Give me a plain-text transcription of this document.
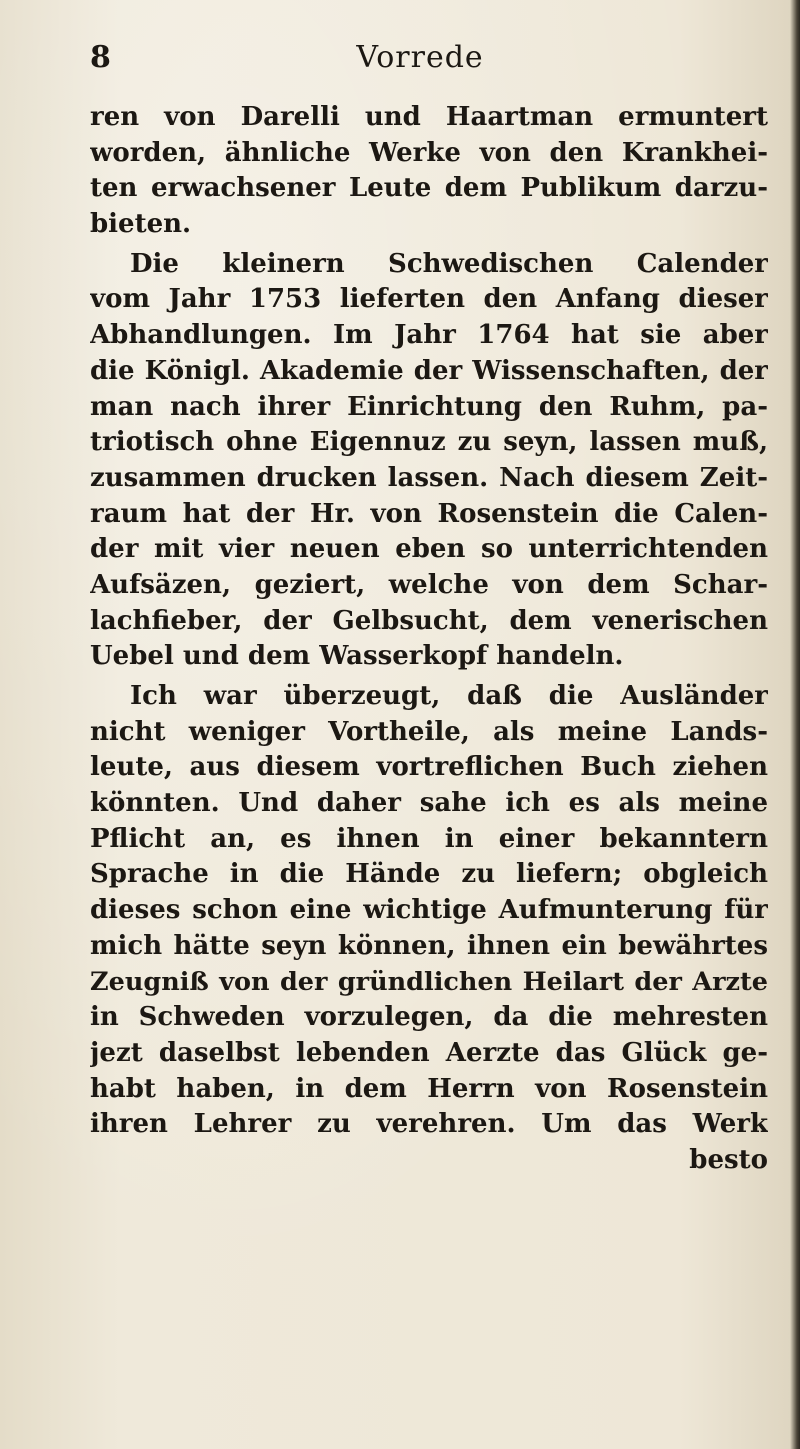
Vorrede
8
ren von Darelli und Haartman ermuntert
worden, ähnliche Werke von den Krankhei-
ten erwachsener Leute dem Publikum darzu-
bieten.
Die kleinern Schwedischen Calender
vom Jahr 1753 lieferten den Anfang dieser
Abhandlungen. Im Jahr 1764 hat sie aber
die Königl. Akademie der Wissenschaften, der
man nach ihrer Einrichtung den Ruhm, pa-
triotisch ohne Eigennuz zu seyn, lassen muß,
zusammen drucken lassen. Nach diesem Zeit-
raum hat der Hr. von Rosenstein die Calen-
der mit vier neuen eben so unterrichtenden
Aufsäzen, geziert, welche von dem Schar-
lachfieber, der Gelbsucht, dem venerischen
Uebel und dem Wasserkopf handeln.
Ich war überzeugt, daß die Ausländer
nicht weniger Vortheile, als meine Lands-
leute, aus diesem vortreflichen Buch ziehen
könnten. Und daher sahe ich es als meine
Pflicht an, es ihnen in einer bekanntern
Sprache in die Hände zu liefern; obgleich
dieses schon eine wichtige Aufmunterung für
mich hätte seyn können, ihnen ein bewährtes
Zeugniß von der gründlichen Heilart der Arzte
in Schweden vorzulegen, da die mehresten
jezt daselbst lebenden Aerzte das Glück ge-
habt haben, in dem Herrn von Rosenstein
ihren Lehrer zu verehren. Um das Werk
besto
